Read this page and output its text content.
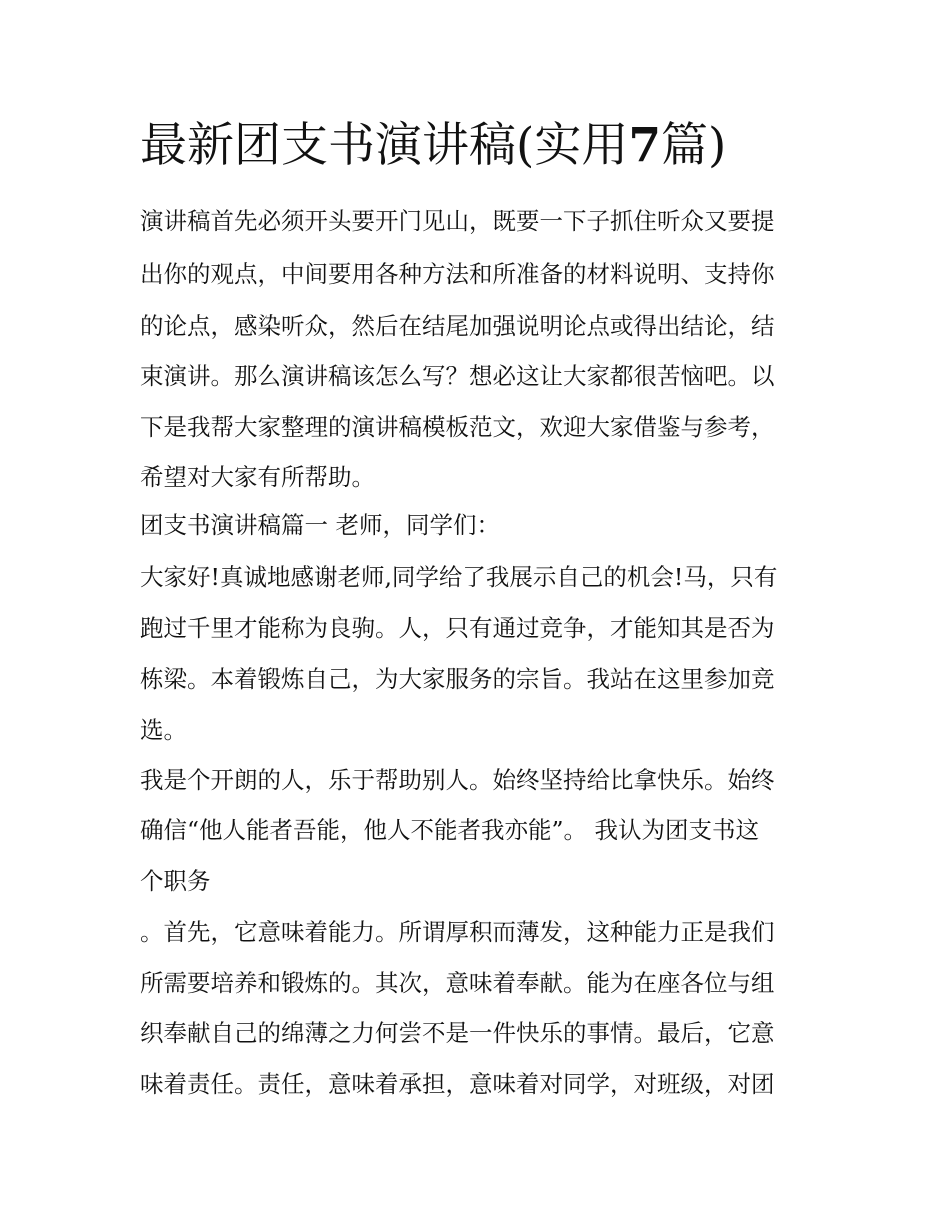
最新团支书演讲稿(实用7篇)

演讲稿首先必须开头要开门见山，既要一下子抓住听众又要提

出你的观点，中间要用各种方法和所准备的材料说明、支持你

的论点，感染听众，然后在结尾加强说明论点或得出结论，结

束演讲。那么演讲稿该怎么写？想必这让大家都很苦恼吧。以

下是我帮大家整理的演讲稿模板范文，欢迎大家借鉴与参考，

希望对大家有所帮助。

团支书演讲稿篇一 老师，同学们：

大家好!真诚地感谢老师,同学给了我展示自己的机会!马，只有

跑过千里才能称为良驹。人，只有通过竞争，才能知其是否为

栋梁。本着锻炼自己，为大家服务的宗旨。我站在这里参加竞

选。

我是个开朗的人，乐于帮助别人。始终坚持给比拿快乐。始终

确信“他人能者吾能，他人不能者我亦能”。 我认为团支书这

个职务

。首先，它意味着能力。所谓厚积而薄发，这种能力正是我们

所需要培养和锻炼的。其次，意味着奉献。能为在座各位与组

织奉献自己的绵薄之力何尝不是一件快乐的事情。最后，它意

味着责任。责任，意味着承担，意味着对同学，对班级，对团
